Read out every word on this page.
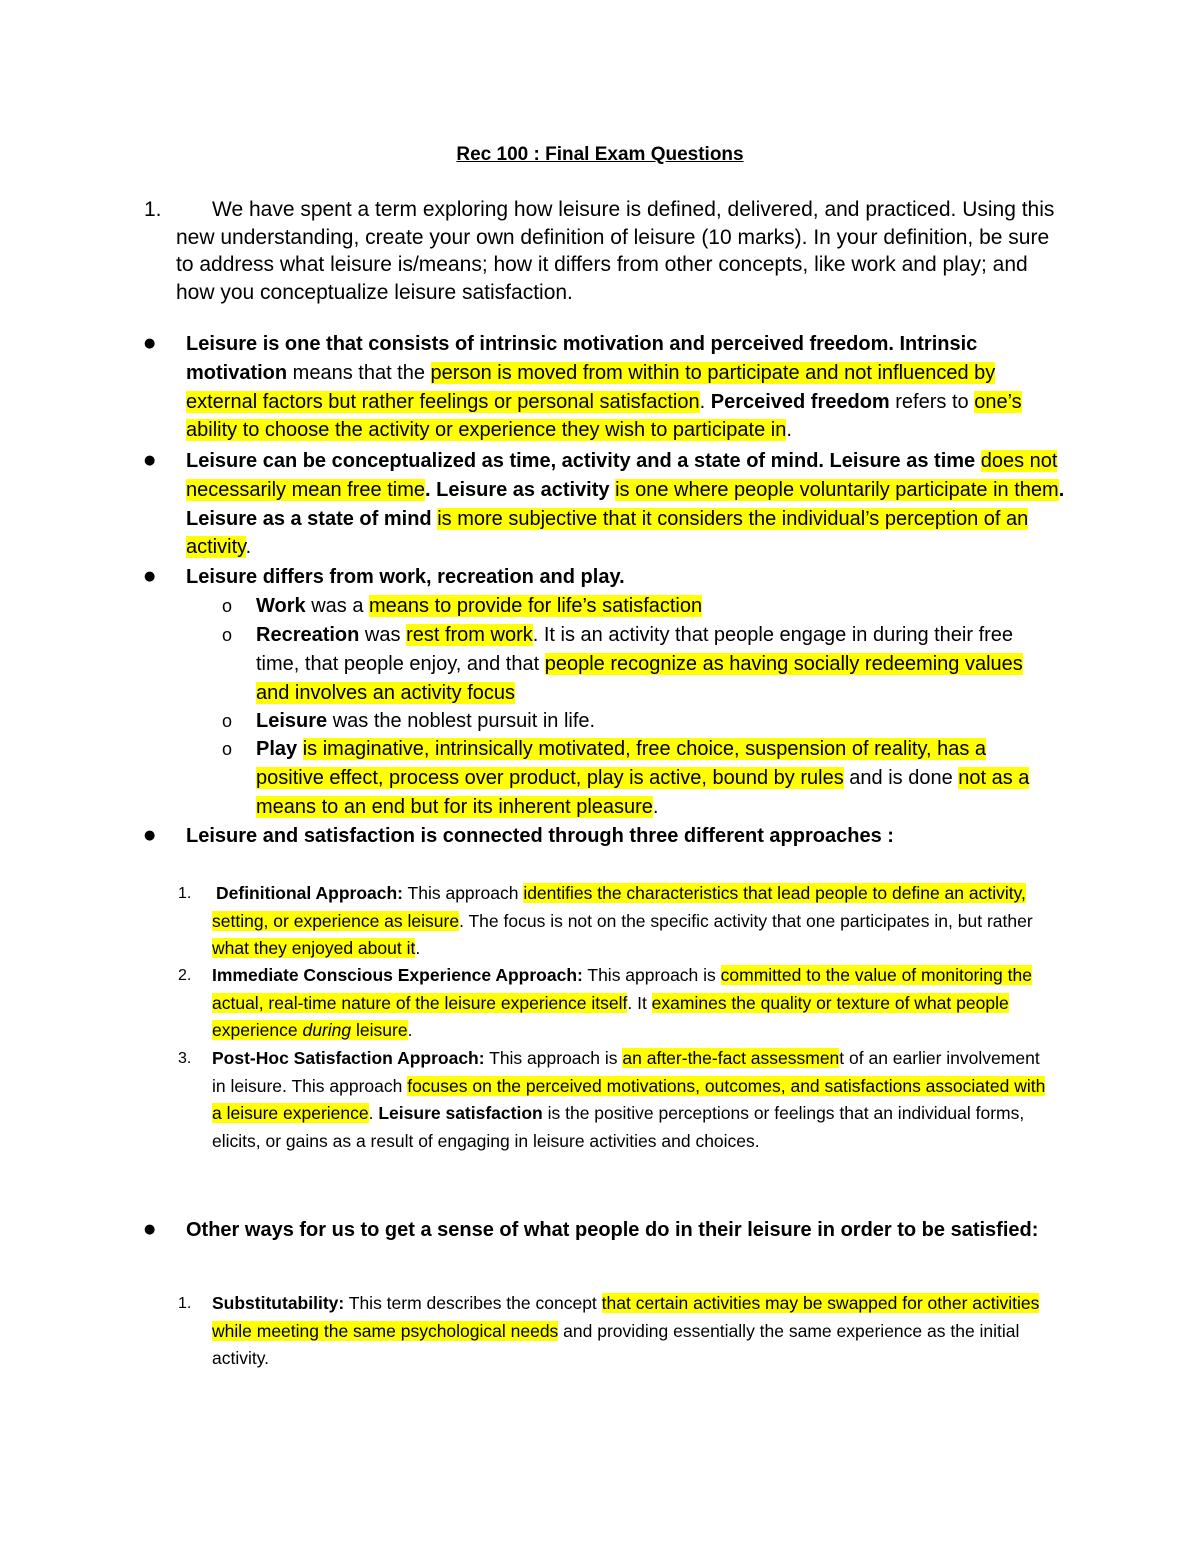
Rec 100 : Final Exam Questions
1.	We have spent a term exploring how leisure is defined, delivered, and practiced. Using this new understanding, create your own definition of leisure (10 marks). In your definition, be sure to address what leisure is/means; how it differs from other concepts, like work and play; and how you conceptualize leisure satisfaction.
● Leisure is one that consists of intrinsic motivation and perceived freedom. Intrinsic motivation means that the person is moved from within to participate and not influenced by external factors but rather feelings or personal satisfaction. Perceived freedom refers to one’s ability to choose the activity or experience they wish to participate in.
● Leisure can be conceptualized as time, activity and a state of mind. Leisure as time does not necessarily mean free time. Leisure as activity is one where people voluntarily participate in them. Leisure as a state of mind is more subjective that it considers the individual’s perception of an activity.
● Leisure differs from work, recreation and play.
o Work was a means to provide for life’s satisfaction
o Recreation was rest from work. It is an activity that people engage in during their free time, that people enjoy, and that people recognize as having socially redeeming values and involves an activity focus
o Leisure was the noblest pursuit in life.
o Play is imaginative, intrinsically motivated, free choice, suspension of reality, has a positive effect, process over product, play is active, bound by rules and is done not as a means to an end but for its inherent pleasure.
● Leisure and satisfaction is connected through three different approaches :
1. Definitional Approach: This approach identifies the characteristics that lead people to define an activity, setting, or experience as leisure. The focus is not on the specific activity that one participates in, but rather what they enjoyed about it.
2. Immediate Conscious Experience Approach: This approach is committed to the value of monitoring the actual, real-time nature of the leisure experience itself. It examines the quality or texture of what people experience during leisure.
3. Post-Hoc Satisfaction Approach: This approach is an after-the-fact assessment of an earlier involvement in leisure. This approach focuses on the perceived motivations, outcomes, and satisfactions associated with a leisure experience. Leisure satisfaction is the positive perceptions or feelings that an individual forms, elicits, or gains as a result of engaging in leisure activities and choices.
● Other ways for us to get a sense of what people do in their leisure in order to be satisfied:
1. Substitutability: This term describes the concept that certain activities may be swapped for other activities while meeting the same psychological needs and providing essentially the same experience as the initial activity.
